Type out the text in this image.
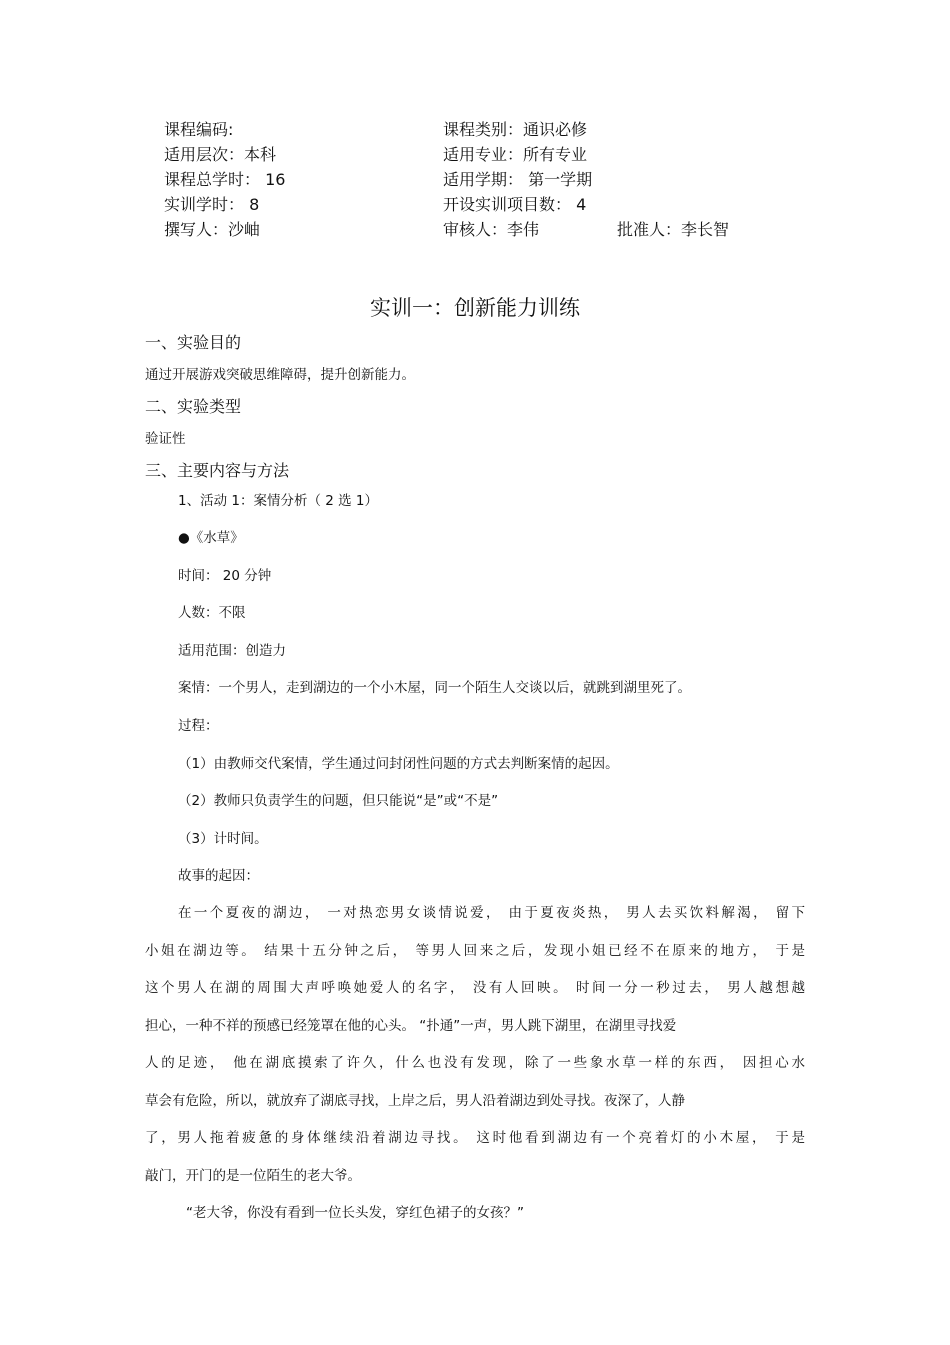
课程编码:	课程类别：通识必修
适用层次：本科	适用专业：所有专业
课程总学时： 16	适用学期： 第一学期
实训学时： 8	开设实训项目数： 4
撰写人：沙岫	审核人：李伟	批准人：李长智
实训一：创新能力训练
一、实验目的
通过开展游戏突破思维障碍，提升创新能力。
二、实验类型
验证性
三、主要内容与方法
1、活动 1：案情分析（ 2 选 1）
●《水草》
时间： 20 分钟
人数：不限
适用范围：创造力
案情：一个男人，走到湖边的一个小木屋，同一个陌生人交谈以后，就跳到湖里死了。
过程：
（1）由教师交代案情，学生通过问封闭性问题的方式去判断案情的起因。
（2）教师只负责学生的问题，但只能说“是”或“不是”
（3）计时间。
故事的起因：
在一个夏夜的湖边， 一对热恋男女谈情说爱， 由于夏夜炎热， 男人去买饮料解渴， 留下
小姐在湖边等。 结果十五分钟之后， 等男人回来之后，发现小姐已经不在原来的地方， 于是
这个男人在湖的周围大声呼唤她爱人的名字， 没有人回映。 时间一分一秒过去， 男人越想越
担心，一种不祥的预感已经笼罩在他的心头。 “扑通”一声，男人跳下湖里，在湖里寻找爱
人的足迹， 他在湖底摸索了许久，什么也没有发现，除了一些象水草一样的东西， 因担心水
草会有危险，所以，就放弃了湖底寻找，上岸之后，男人沿着湖边到处寻找。夜深了，人静
了，男人拖着疲惫的身体继续沿着湖边寻找。 这时他看到湖边有一个亮着灯的小木屋， 于是
敲门，开门的是一位陌生的老大爷。
“老大爷，你没有看到一位长头发，穿红色裙子的女孩？”
